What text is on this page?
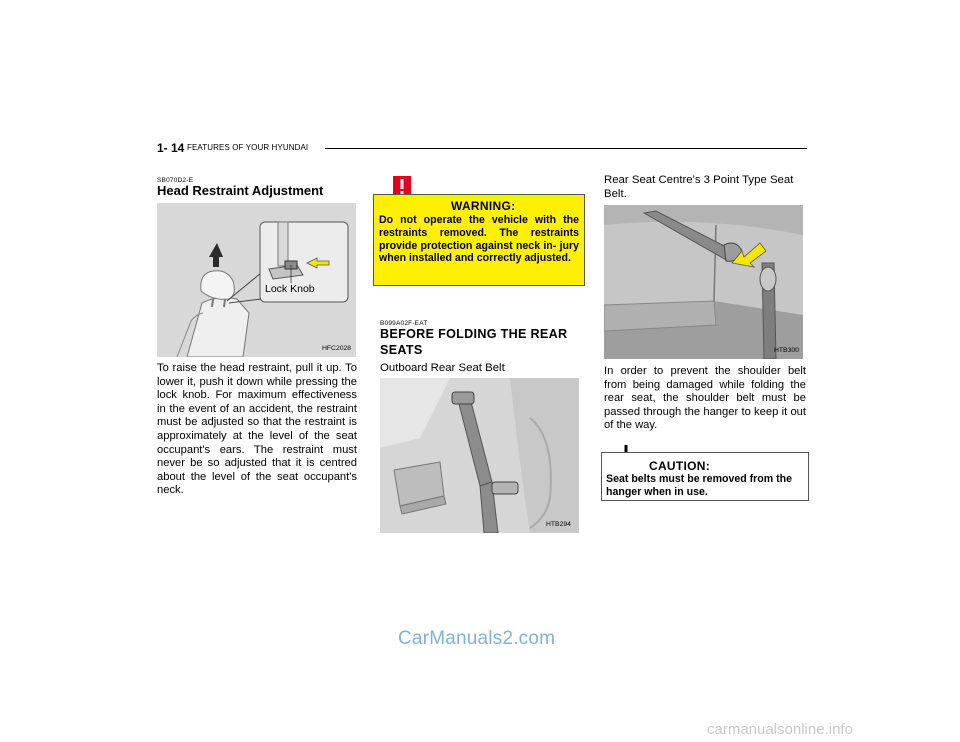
1- 14 FEATURES OF YOUR HYUNDAI
SB070D2-E
Head Restraint Adjustment
Lock Knob
HFC2028
To raise the head restraint, pull it up. To lower it, push it down while pressing the lock knob. For maximum effectiveness in the event of an accident, the restraint must be adjusted so that the restraint is approximately at the level of the seat occupant's ears. The restraint must never be so adjusted that it is centred about the level of the seat occupant's neck.
WARNING:
Do not operate the vehicle with the restraints removed. The restraints provide protection against neck in- jury when installed and correctly adjusted.
B099A02F-EAT
BEFORE FOLDING THE REAR SEATS
Outboard Rear Seat Belt
HTB294
Rear Seat Centre's 3 Point Type Seat Belt.
HTB300
In order to prevent the shoulder belt from being damaged while folding the rear seat, the shoulder belt must be passed through the hanger to keep it out of the way.
CAUTION:
Seat belts must be removed from the hanger when in use.
CarManuals2.com
carmanualsonline.info
